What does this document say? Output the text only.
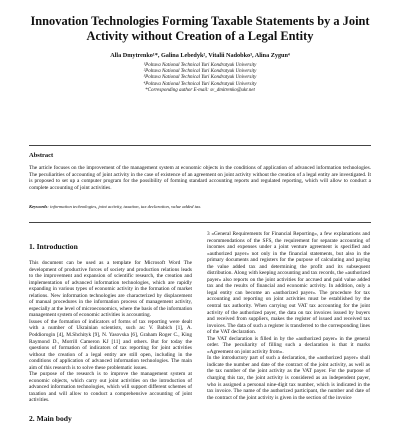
Innovation Technologies Forming Taxable Statements by a Joint Activity without Creation of a Legal Entity
Alla Dmytrenko¹*, Galina Lebedyk², Vitalii Nadobko³, Alina Zygun⁴
¹Poltava National Technical Yuri Kondratyuk University
²Poltava National Technical Yuri Kondratyuk University
³Poltava National Technical Yuri Kondratyuk University
⁴Poltava National Technical Yuri Kondratyuk University
*Corresponding author E-mail: sv_dmitrenko@ukr.net
Abstract
The article focuses on the improvement of the management system at economic objects in the conditions of application of advanced information technologies. The peculiarities of accounting of joint activity in the case of existence of an agreement on joint activity without the creation of a legal entity are investigated. It is proposed to set up a computer program for the possibility of forming standard accounting reports and regulated reporting, which will allow to conduct a complete accounting of joint activities.
Keywords: information technologies, joint activity, taxation, tax declaration, value added tax.
1. Introduction

This document can be used as a template for Microsoft Word The development of productive forces of society and production relations leads to the improvement and expansion of scientific research, the creation and implementation of advanced information technologies, which are rapidly expanding in various types of economic activity in the formation of market relations. New information technologies are characterized by displacement of manual procedures in the information process of management activity, especially at the level of microeconomics, where the basis of the information management system of economic activities is accounting.

Issues of the formation of indicators of forms of tax reporting were dealt with a number of Ukrainian scientists, such as: V. Babich [1], A. Poddiorogin [4], M.Shchityk [9], N. Yasovska [6], Graham Roger C., King Raymond D., Morrill Cameron KJ [11] and others. But for today the questions of formation of indicators of tax reporting for joint activities without the creation of a legal entity are still open, including in the conditions of application of advanced information technologies. The main aim of this research is to solve these problematic issues.

The purpose of the research is to improve the management system at economic objects, which carry out joint activities on the introduction of advanced information technologies, which will support different schemes of taxation and will allow to conduct a comprehensive accounting of joint activities.

2. Main body

3 «General Requirements for Financial Reporting», a few explanations and recommendations of the SFS, the requirement for separate accounting of incomes and expenses under a joint venture agreement is specified and «authorized payer» not only in the financial statements, but also in the primary documents and registers for the purpose of calculating and paying the value added tax and determining the profit and its subsequent distribution. Along with keeping accounting and tax records, the «authorized payer» also reports on the joint activities for accrued and paid value added tax and the results of financial and economic activity. In addition, only a legal entity can become an «authorized payer». The procedure for tax accounting and reporting on joint activities must be established by the central tax authority. When carrying out VAT tax accounting for the joint activity of the authorized payer, the data on tax invoices issued by buyers and received from suppliers, makes the register of issued and received tax invoices. The data of such a register is transferred to the corresponding lines of the VAT declaration.

The VAT declaration is filled in by the «authorized payer» in the general order. The peculiarity of filling such a declaration is that it marks «Agreement on joint activity from».

In the introductory part of such a declaration, the «authorized payer» shall indicate the number and date of the contract of the joint activity, as well as the tax number of the joint activity as the VAT payer. For the purpose of charging this tax, the joint activity is considered as an independent payer, who is assigned a personal nine-digit tax number, which is indicated in the tax invoice. The name of the authorized participant, the number and date of the contract of the joint activity is given in the section of the invoice
